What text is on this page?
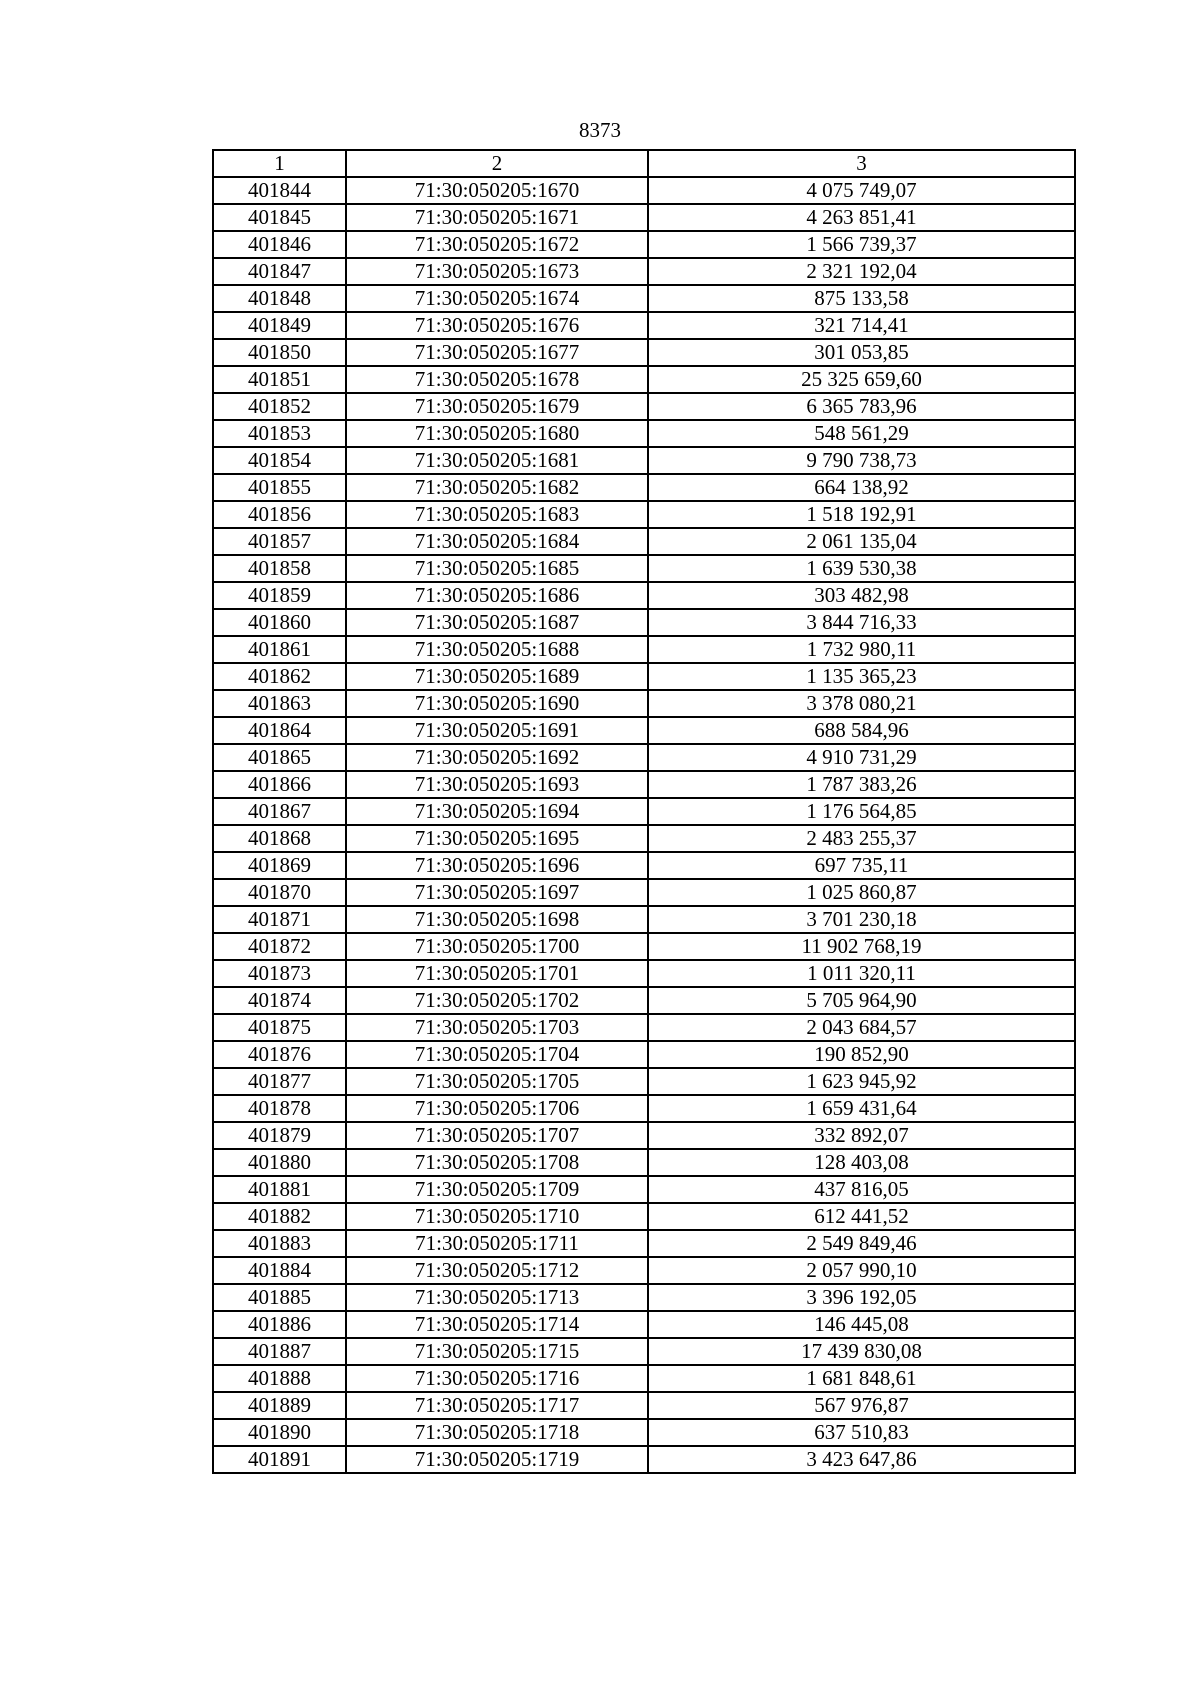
8373
1	2	3
401844	71:30:050205:1670	4 075 749,07
401845	71:30:050205:1671	4 263 851,41
401846	71:30:050205:1672	1 566 739,37
401847	71:30:050205:1673	2 321 192,04
401848	71:30:050205:1674	875 133,58
401849	71:30:050205:1676	321 714,41
401850	71:30:050205:1677	301 053,85
401851	71:30:050205:1678	25 325 659,60
401852	71:30:050205:1679	6 365 783,96
401853	71:30:050205:1680	548 561,29
401854	71:30:050205:1681	9 790 738,73
401855	71:30:050205:1682	664 138,92
401856	71:30:050205:1683	1 518 192,91
401857	71:30:050205:1684	2 061 135,04
401858	71:30:050205:1685	1 639 530,38
401859	71:30:050205:1686	303 482,98
401860	71:30:050205:1687	3 844 716,33
401861	71:30:050205:1688	1 732 980,11
401862	71:30:050205:1689	1 135 365,23
401863	71:30:050205:1690	3 378 080,21
401864	71:30:050205:1691	688 584,96
401865	71:30:050205:1692	4 910 731,29
401866	71:30:050205:1693	1 787 383,26
401867	71:30:050205:1694	1 176 564,85
401868	71:30:050205:1695	2 483 255,37
401869	71:30:050205:1696	697 735,11
401870	71:30:050205:1697	1 025 860,87
401871	71:30:050205:1698	3 701 230,18
401872	71:30:050205:1700	11 902 768,19
401873	71:30:050205:1701	1 011 320,11
401874	71:30:050205:1702	5 705 964,90
401875	71:30:050205:1703	2 043 684,57
401876	71:30:050205:1704	190 852,90
401877	71:30:050205:1705	1 623 945,92
401878	71:30:050205:1706	1 659 431,64
401879	71:30:050205:1707	332 892,07
401880	71:30:050205:1708	128 403,08
401881	71:30:050205:1709	437 816,05
401882	71:30:050205:1710	612 441,52
401883	71:30:050205:1711	2 549 849,46
401884	71:30:050205:1712	2 057 990,10
401885	71:30:050205:1713	3 396 192,05
401886	71:30:050205:1714	146 445,08
401887	71:30:050205:1715	17 439 830,08
401888	71:30:050205:1716	1 681 848,61
401889	71:30:050205:1717	567 976,87
401890	71:30:050205:1718	637 510,83
401891	71:30:050205:1719	3 423 647,86
